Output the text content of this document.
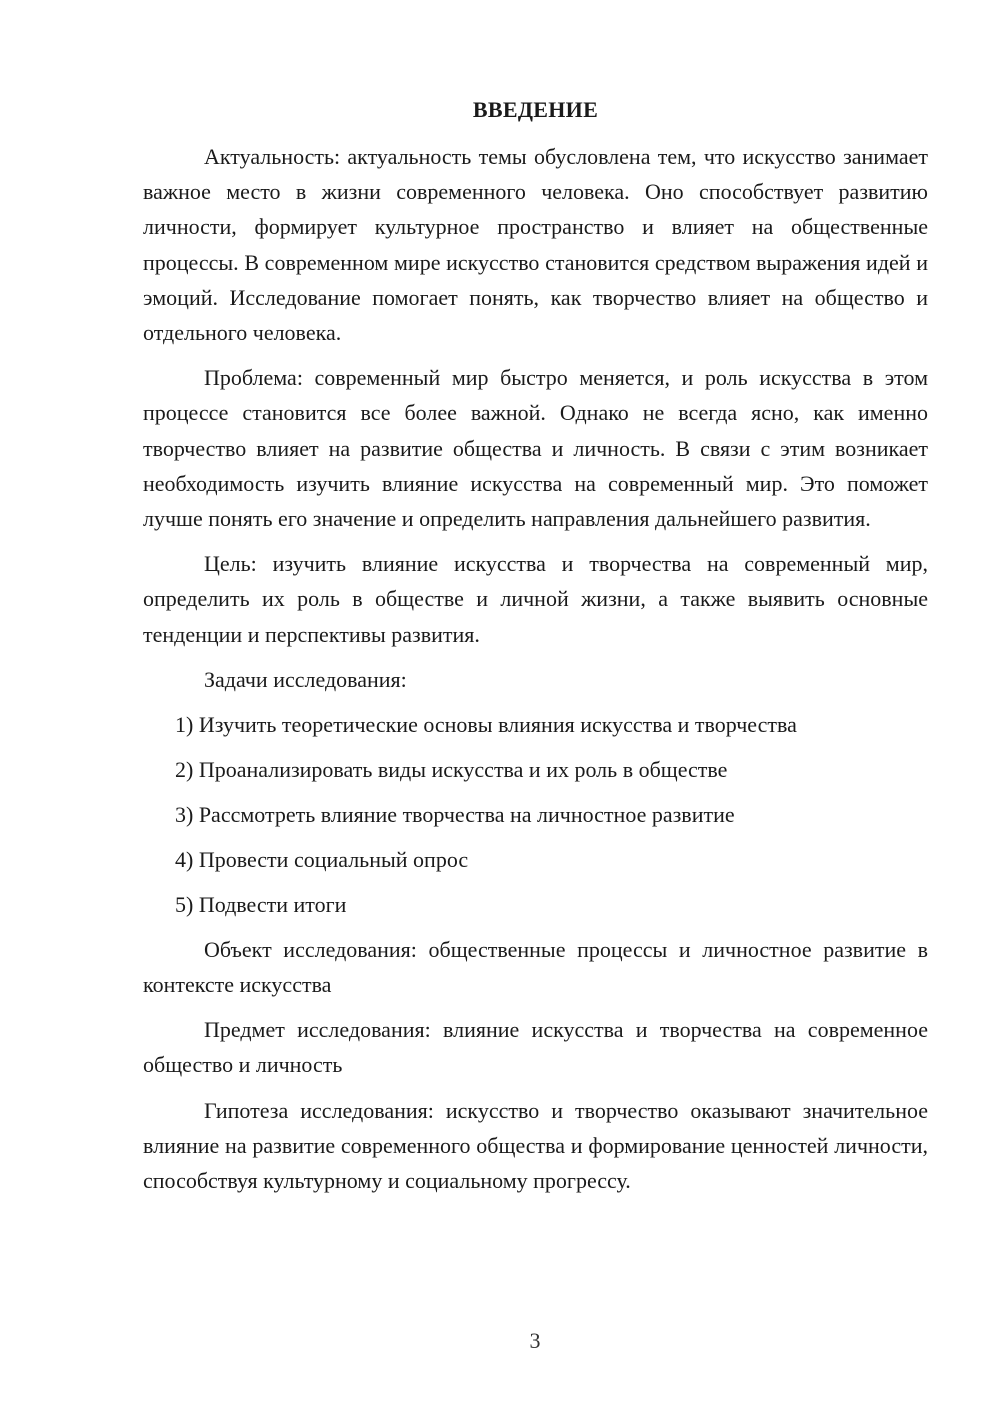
ВВЕДЕНИЕ

Актуальность: актуальность темы обусловлена тем, что искусство занимает важное место в жизни современного человека. Оно способствует развитию личности, формирует культурное пространство и влияет на общественные процессы. В современном мире искусство становится средством выражения идей и эмоций. Исследование помогает понять, как творчество влияет на общество и отдельного человека.

Проблема: современный мир быстро меняется, и роль искусства в этом процессе становится все более важной. Однако не всегда ясно, как именно творчество влияет на развитие общества и личность. В связи с этим возникает необходимость изучить влияние искусства на современный мир. Это поможет лучше понять его значение и определить направления дальнейшего развития.

Цель: изучить влияние искусства и творчества на современный мир, определить их роль в обществе и личной жизни, а также выявить основные тенденции и перспективы развития.

Задачи исследования:
1) Изучить теоретические основы влияния искусства и творчества
2) Проанализировать виды искусства и их роль в обществе
3) Рассмотреть влияние творчества на личностное развитие
4) Провести социальный опрос
5) Подвести итоги

Объект исследования: общественные процессы и личностное развитие в контексте искусства

Предмет исследования: влияние искусства и творчества на современное общество и личность

Гипотеза исследования: искусство и творчество оказывают значительное влияние на развитие современного общества и формирование ценностей личности, способствуя культурному и социальному прогрессу.

3
